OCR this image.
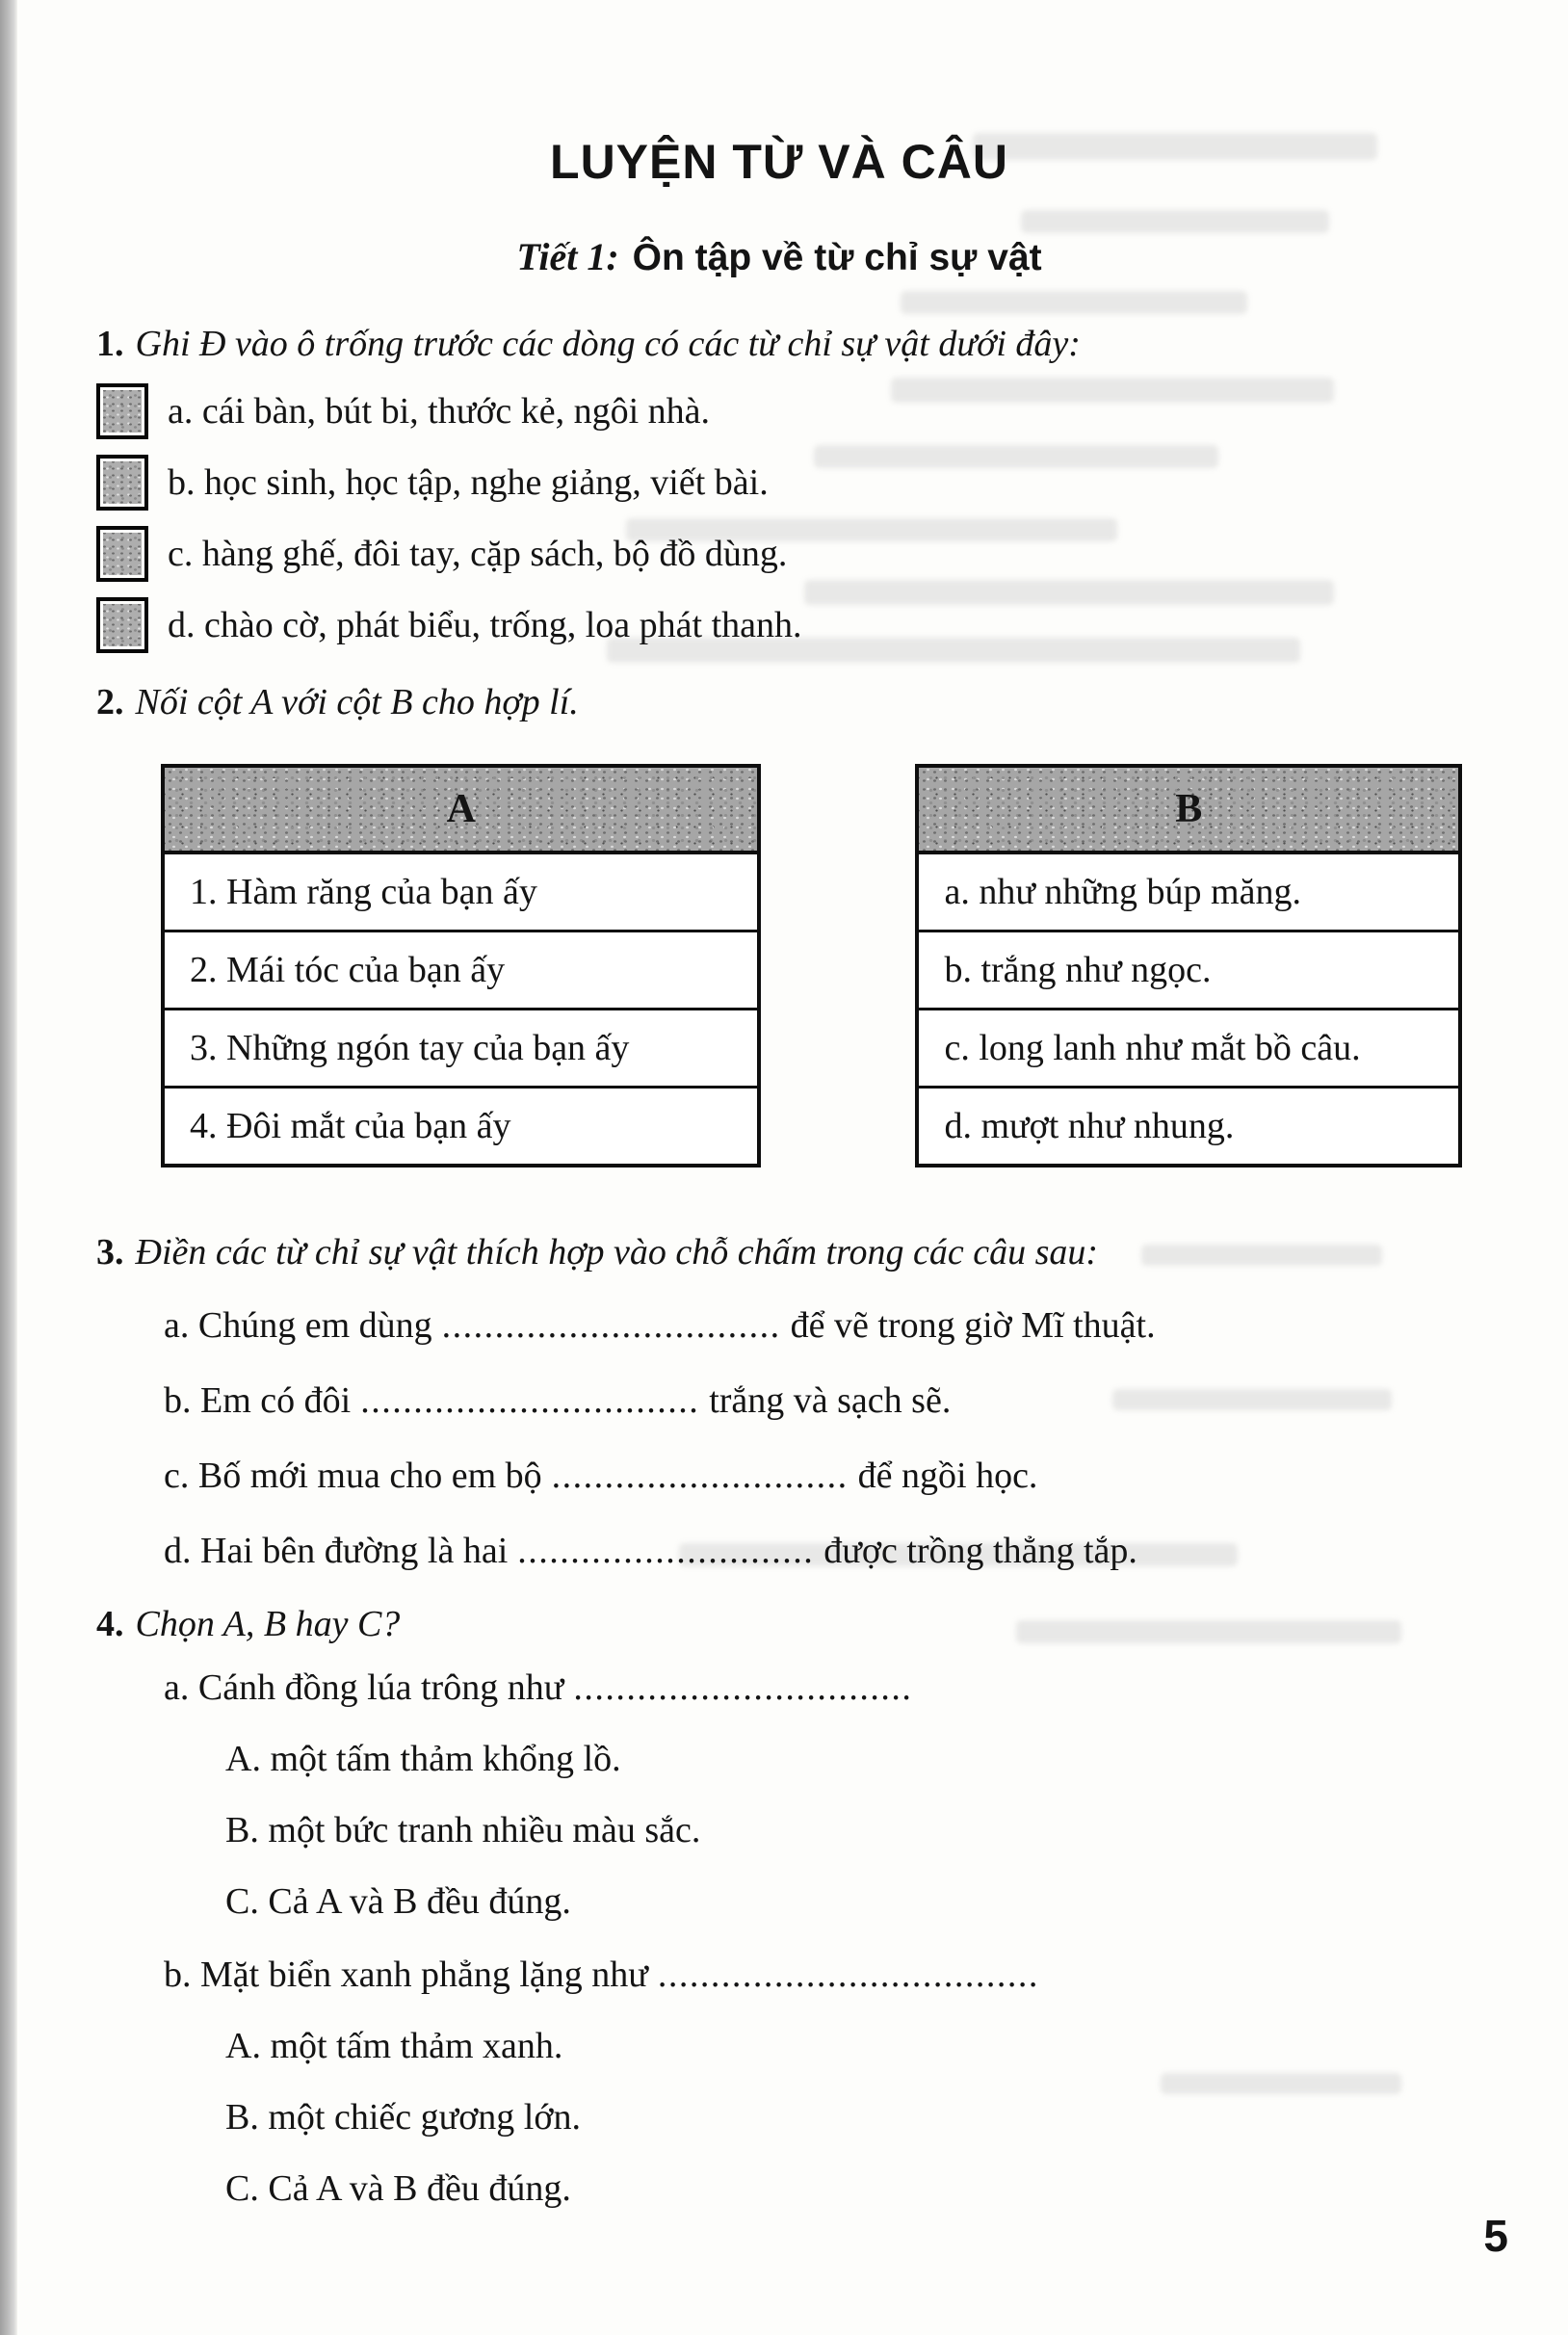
LUYỆN TỪ VÀ CÂU
Tiết 1: Ôn tập về từ chỉ sự vật
1. Ghi Đ vào ô trống trước các dòng có các từ chỉ sự vật dưới đây:
a. cái bàn, bút bi, thước kẻ, ngôi nhà.
b. học sinh, học tập, nghe giảng, viết bài.
c. hàng ghế, đôi tay, cặp sách, bộ đồ dùng.
d. chào cờ, phát biểu, trống, loa phát thanh.
2. Nối cột A với cột B cho hợp lí.
A
1. Hàm răng của bạn ấy
2. Mái tóc của bạn ấy
3. Những ngón tay của bạn ấy
4. Đôi mắt của bạn ấy
B
a. như những búp măng.
b. trắng như ngọc.
c. long lanh như mắt bồ câu.
d. mượt như nhung.
3. Điền các từ chỉ sự vật thích hợp vào chỗ chấm trong các câu sau:
a. Chúng em dùng ................................ để vẽ trong giờ Mĩ thuật.
b. Em có đôi ................................ trắng và sạch sẽ.
c. Bố mới mua cho em bộ ............................ để ngồi học.
d. Hai bên đường là hai ............................ được trồng thẳng tắp.
4. Chọn A, B hay C?
a. Cánh đồng lúa trông như ................................
A. một tấm thảm khổng lồ.
B. một bức tranh nhiều màu sắc.
C. Cả A và B đều đúng.
b. Mặt biển xanh phẳng lặng như ....................................
A. một tấm thảm xanh.
B. một chiếc gương lớn.
C. Cả A và B đều đúng.
5
